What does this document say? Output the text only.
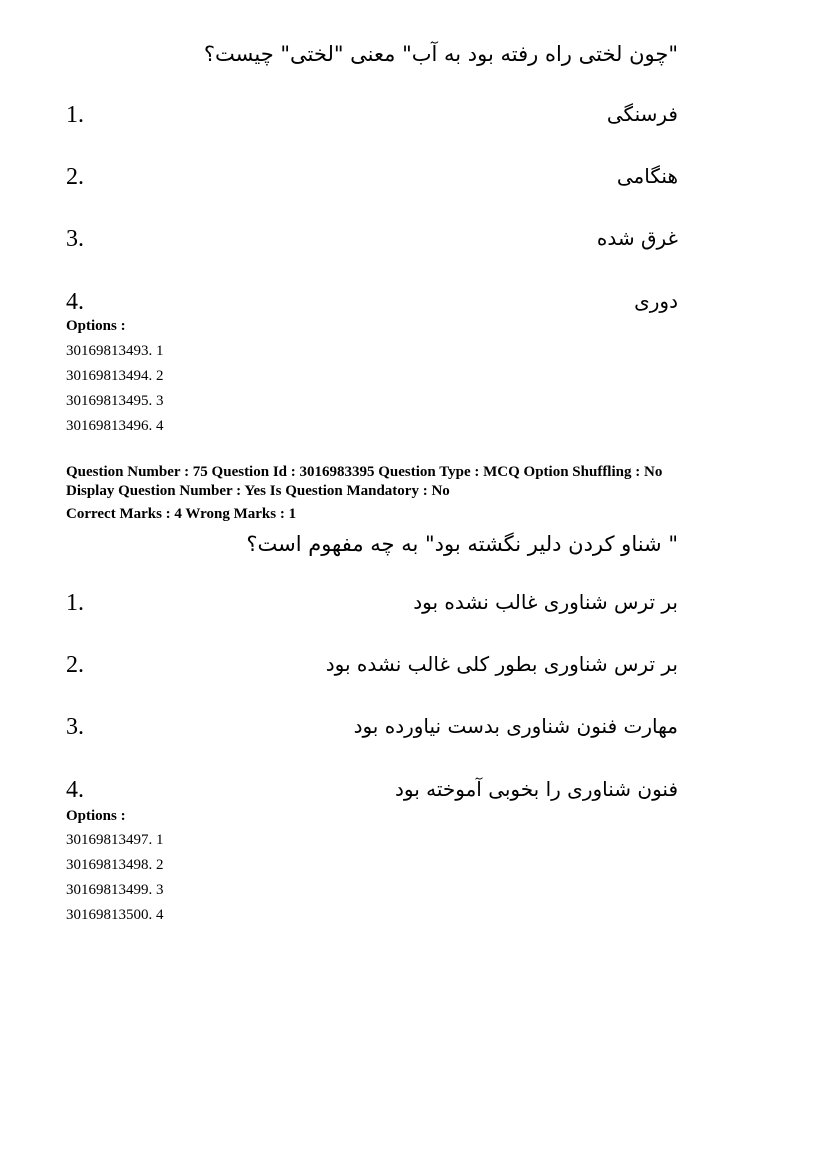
"چون لختی راه رفته بود به آب" معنی "لختی" چیست؟
1.	فرسنگی
2.	هنگامی
3.	غرق شده
4.	دوری
Options :
30169813493. 1
30169813494. 2
30169813495. 3
30169813496. 4
Question Number : 75 Question Id : 3016983395 Question Type : MCQ Option Shuffling : No
Display Question Number : Yes Is Question Mandatory : No
Correct Marks : 4 Wrong Marks : 1
" شناو کردن دلیر نگشته بود" به چه مفهوم است؟
1.	بر ترس شناوری غالب نشده بود
2.	بر ترس شناوری بطور کلی غالب نشده بود
3.	مهارت فنون شناوری بدست نیاورده بود
4.	فنون شناوری را بخوبی آموخته بود
Options :
30169813497. 1
30169813498. 2
30169813499. 3
30169813500. 4
